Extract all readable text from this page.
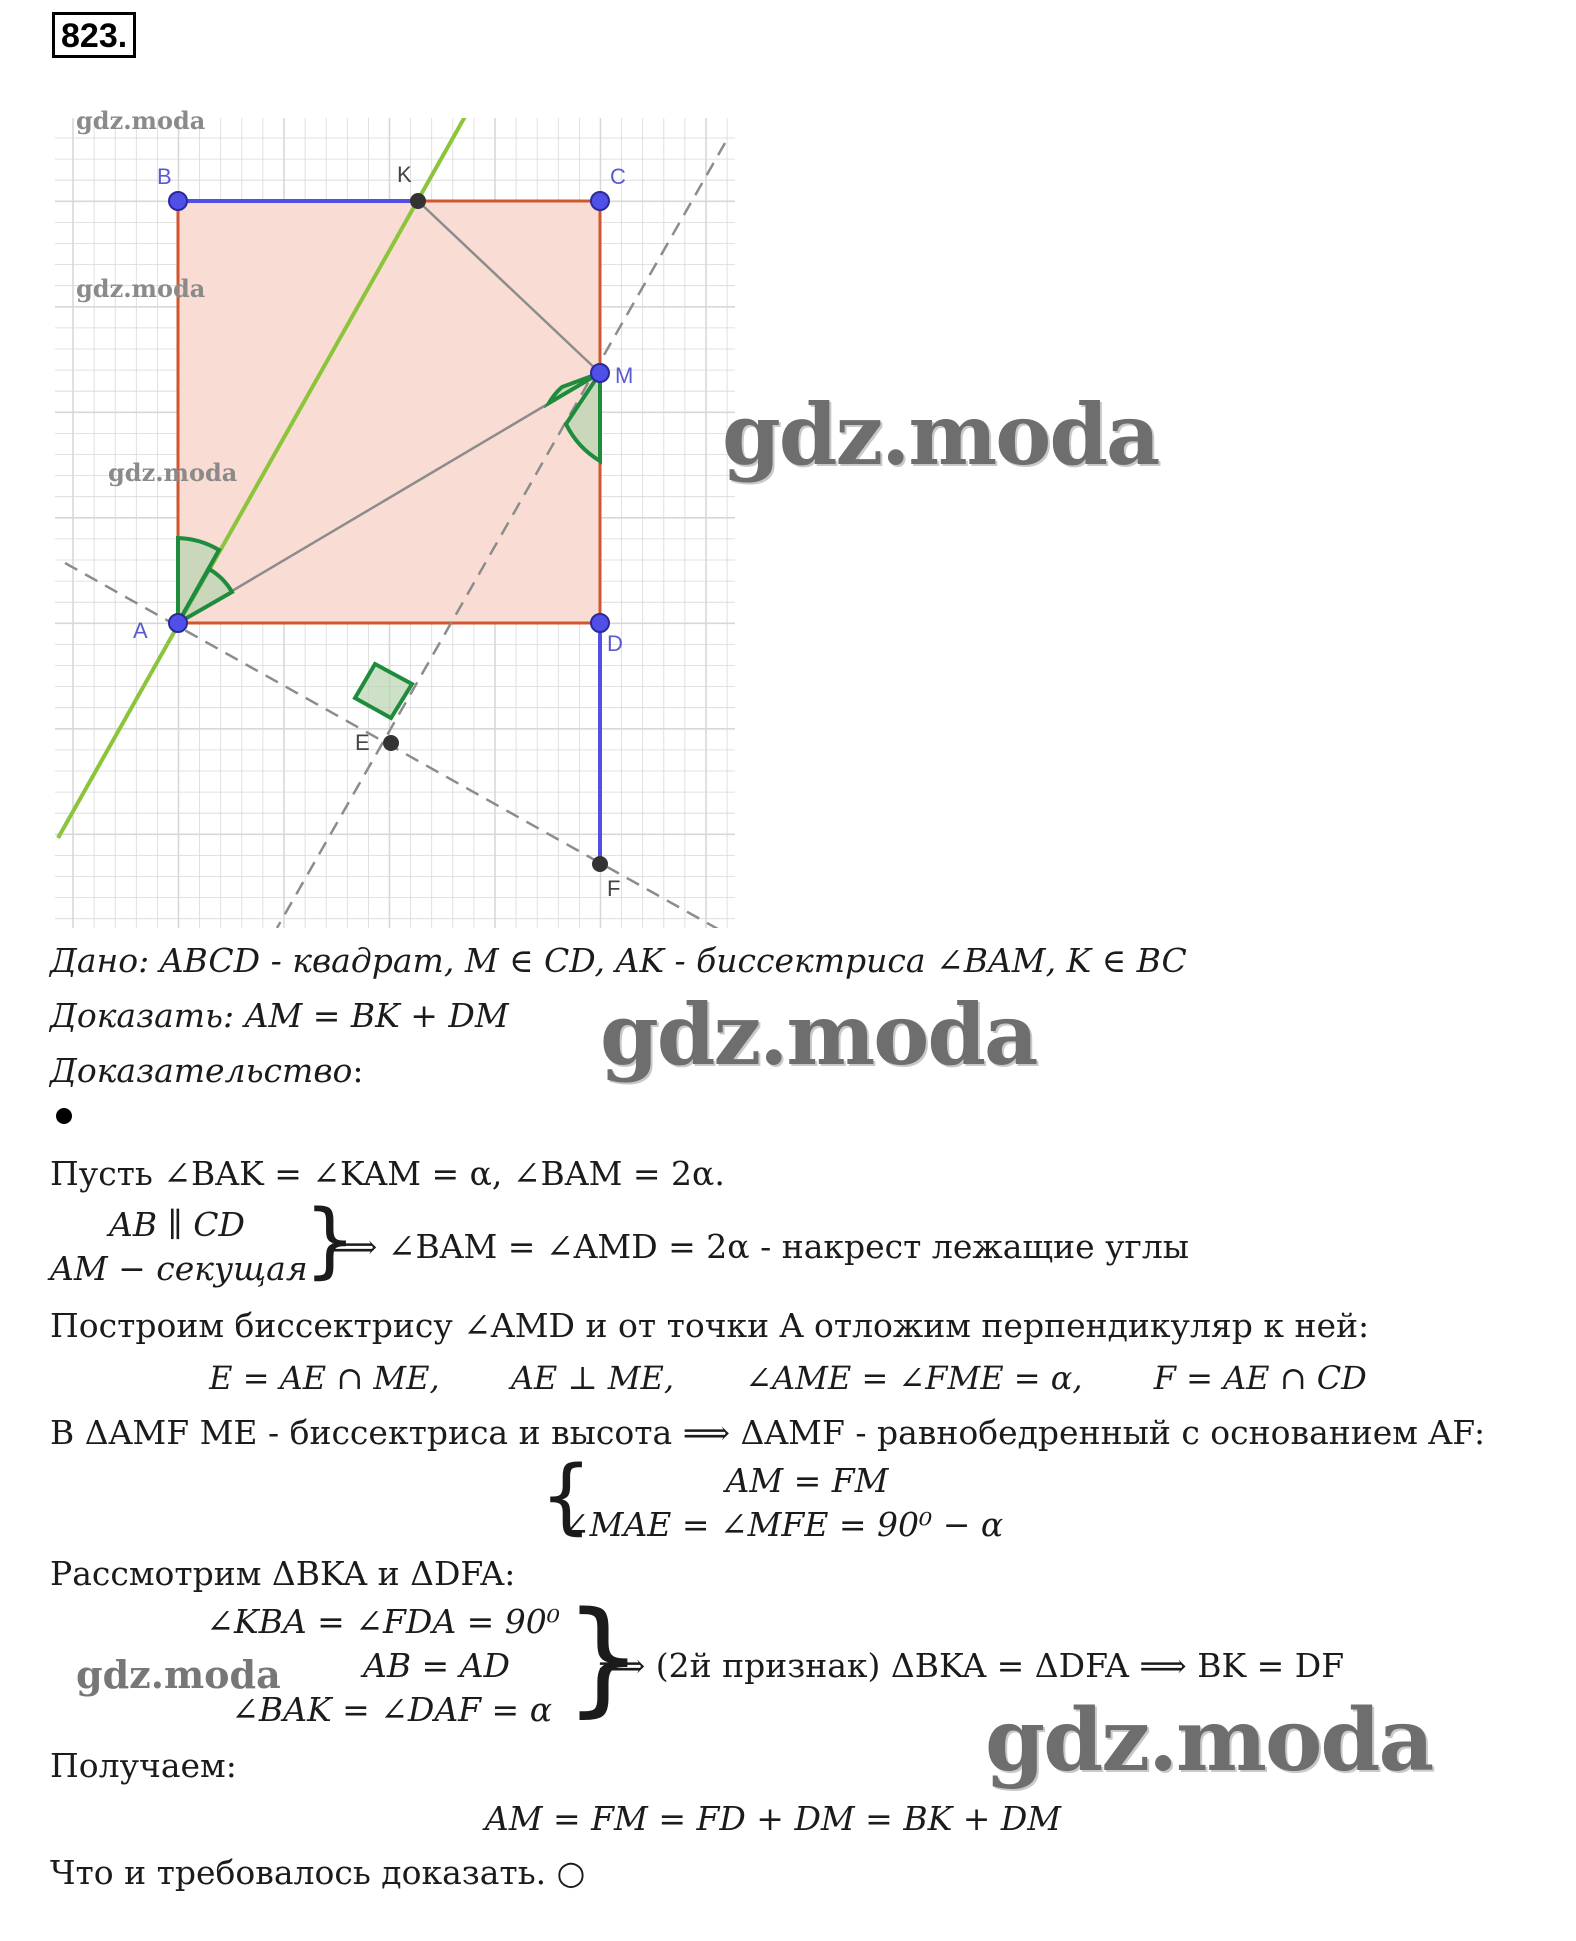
823.
B	K	C
M
A
D
E
F
gdz.moda
gdz.moda
gdz.moda	gdz.moda
gdz.moda
gdz.moda
gdz.moda
Дано: ABCD - квадрат, M ∈ CD, AK - биссектриса ∠BAM, K ∈ BC
Доказать: AM = BK + DM
Доказательство:
Пусть ∠BAK = ∠KAM = α, ∠BAM = 2α.
AB ∥ CD
AM − секущая
}
⟹ ∠BAM = ∠AMD = 2α - накрест лежащие углы
Построим биссектрису ∠AMD и от точки A отложим перпендикуляр к ней:
E = AE ∩ ME,       AE ⊥ ME,       ∠AME = ∠FME = α,       F = AE ∩ CD
В ΔAMF ME - биссектриса и высота ⟹ ΔAMF - равнобедренный с основанием AF:
{	AM = FM
∠MAE = ∠MFE = 90⁰ − α
Рассмотрим ΔBKA и ΔDFA:
∠KBA = ∠FDA = 90⁰
AB = AD
∠BAK = ∠DAF = α }
⟹ (2й признак) ΔBKA = ΔDFA ⟹ BK = DF
Получаем:
AM = FM = FD + DM = BK + DM
Что и требовалось доказать. ○
